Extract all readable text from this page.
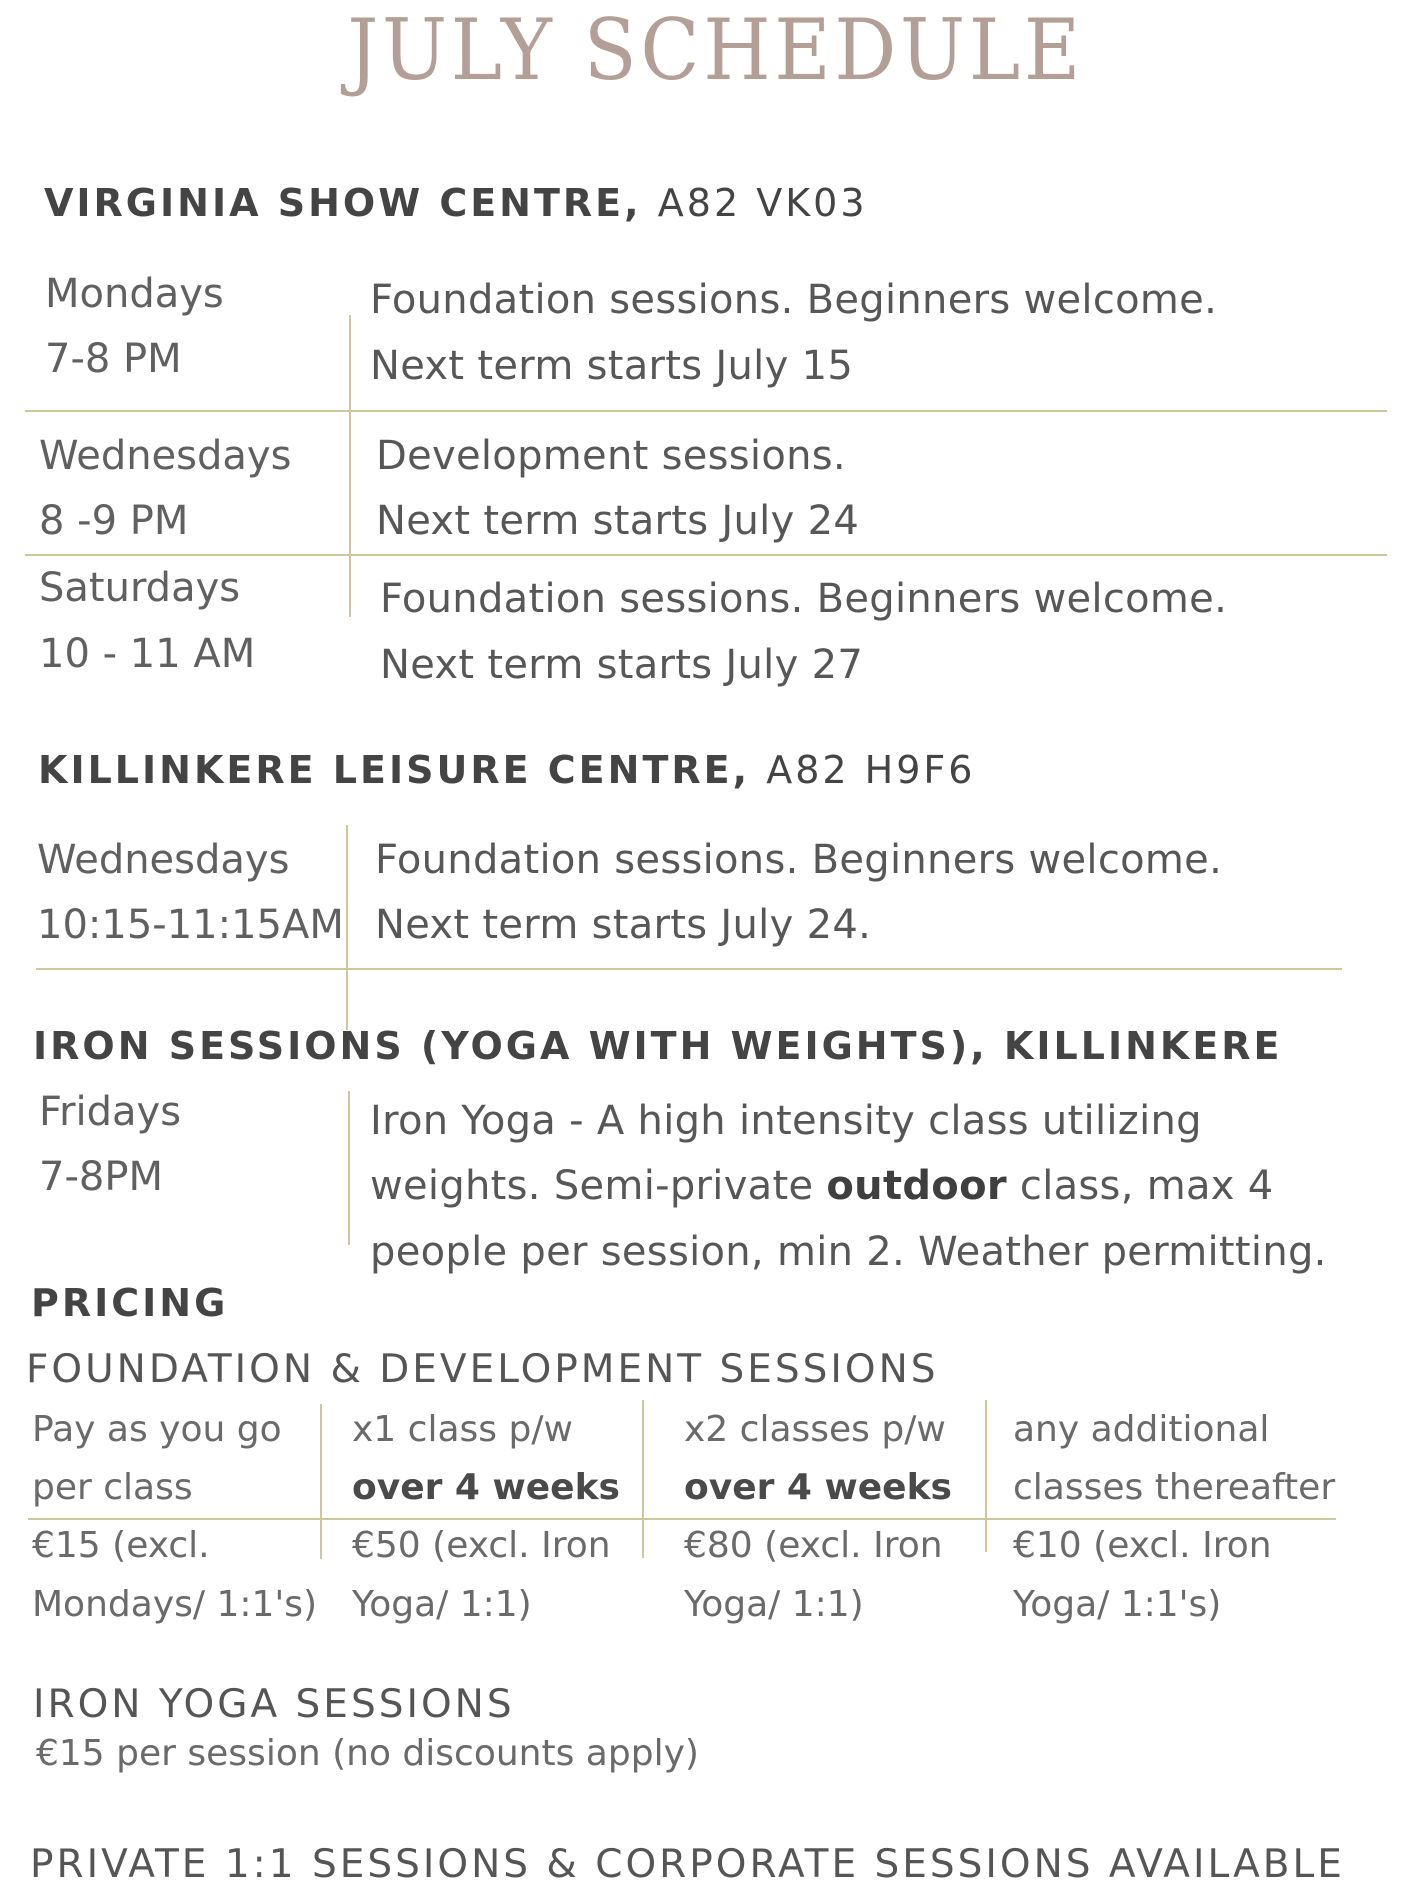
JULY SCHEDULE
VIRGINIA SHOW CENTRE, A82 VK03
Mondays
7-8 PM
Foundation sessions. Beginners welcome.
Next term starts July 15
Wednesdays
8 -9 PM
Development sessions.
Next term starts July 24
Saturdays
10 - 11 AM
Foundation sessions. Beginners welcome.
Next term starts July 27
KILLINKERE LEISURE CENTRE, A82 H9F6
Wednesdays
10:15-11:15AM
Foundation sessions. Beginners welcome.
Next term starts July 24.
IRON SESSIONS (YOGA WITH WEIGHTS), KILLINKERE
Fridays
7-8PM
Iron Yoga - A high intensity class utilizing
weights. Semi-private outdoor class, max 4
people per session, min 2. Weather permitting.
PRICING
FOUNDATION & DEVELOPMENT SESSIONS
Pay as you go
per class
€15 (excl.
Mondays/ 1:1's)
x1 class p/w
over 4 weeks
€50 (excl. Iron
Yoga/ 1:1)
x2 classes p/w
over 4 weeks
€80 (excl. Iron
Yoga/ 1:1)
any additional
classes thereafter
€10 (excl. Iron
Yoga/ 1:1's)
IRON YOGA SESSIONS
€15 per session (no discounts apply)
PRIVATE 1:1 SESSIONS & CORPORATE SESSIONS AVAILABLE
